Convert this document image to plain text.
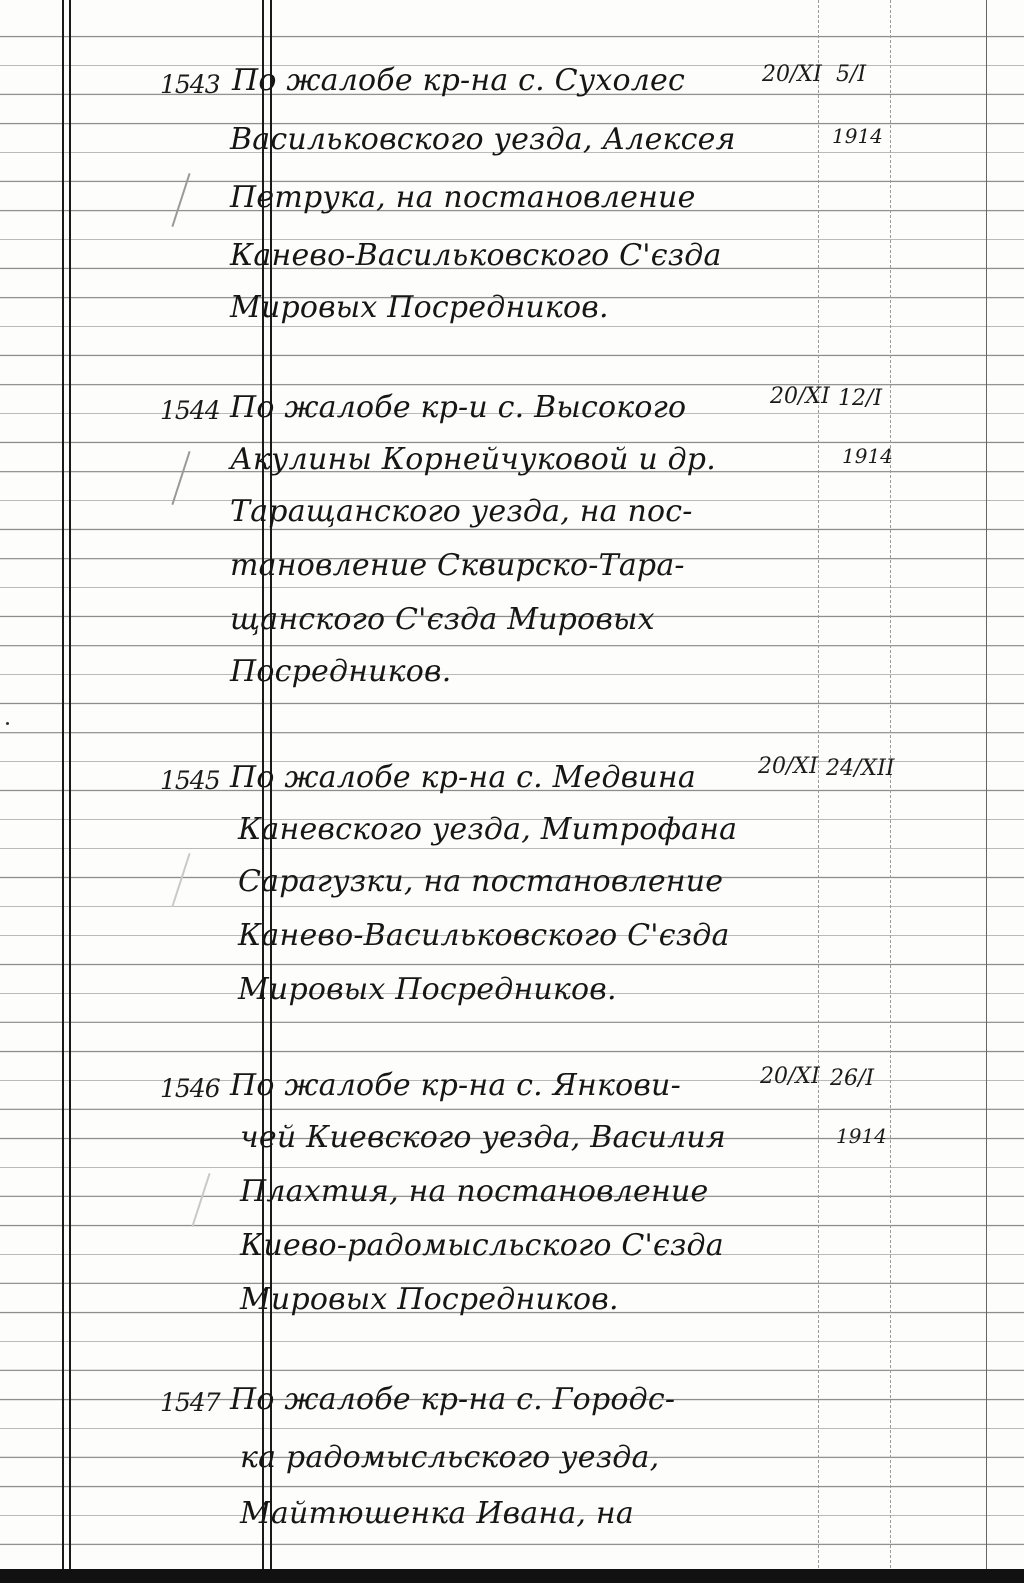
1543 По жалобе кр-на с. Сухолес
Васильковского уезда, Алексея
Петрука, на постановление
Канево-Васильковского С'єзда
Мировых Посредников.
20/XI 5/I
1914
1544 По жалобе кр-и с. Высокого
Акулины Корнейчуковой и др.
Таращанского уезда, на пос-
тановление Сквирско-Тара-
щанского С'єзда Мировых
Посредников.
20/XI 12/I
1914
1545 По жалобе кр-на с. Медвина
Каневского уезда, Митрофана
Сарагузки, на постановление
Канево-Васильковского С'єзда
Мировых Посредников.
20/XI 24/XII
1546 По жалобе кр-на с. Янкови-
чей Киевского уезда, Василия
Плахтия, на постановление
Киево-радомысльского С'єзда
Мировых Посредников.
20/XI 26/I
1914
1547 По жалобе кр-на с. Городс-
ка радомысльского уезда,
Майтюшенка Ивана, на
